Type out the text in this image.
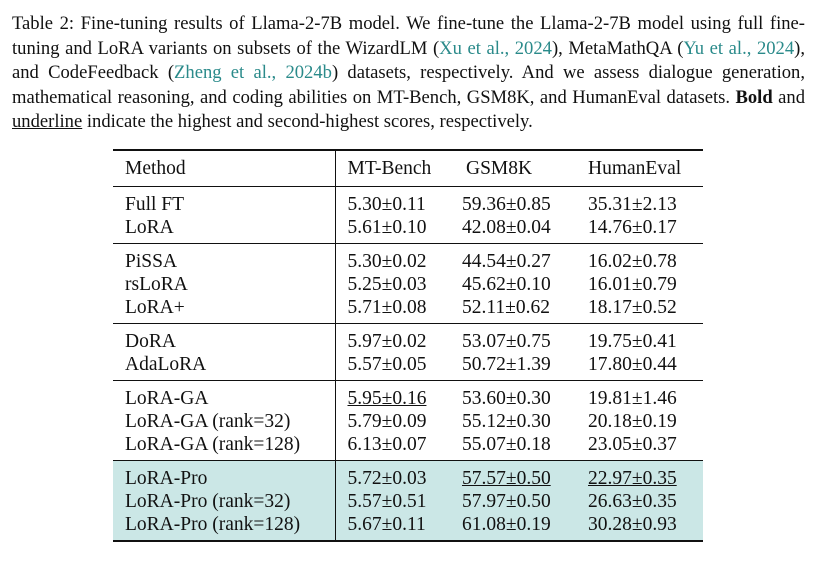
Table 2: Fine-tuning results of Llama-2-7B model. We fine-tune the Llama-2-7B model using full fine-tuning and LoRA variants on subsets of the WizardLM (Xu et al., 2024), MetaMathQA (Yu et al., 2024), and CodeFeedback (Zheng et al., 2024b) datasets, respectively. And we assess dialogue generation, mathematical reasoning, and coding abilities on MT-Bench, GSM8K, and HumanEval datasets. Bold and underline indicate the highest and second-highest scores, respectively.
Method	MT-Bench	GSM8K	HumanEval
Full FT	5.30±0.11	59.36±0.85	35.31±2.13
LoRA	5.61±0.10	42.08±0.04	14.76±0.17
PiSSA	5.30±0.02	44.54±0.27	16.02±0.78
rsLoRA	5.25±0.03	45.62±0.10	16.01±0.79
LoRA+	5.71±0.08	52.11±0.62	18.17±0.52
DoRA	5.97±0.02	53.07±0.75	19.75±0.41
AdaLoRA	5.57±0.05	50.72±1.39	17.80±0.44
LoRA-GA	5.95±0.16	53.60±0.30	19.81±1.46
LoRA-GA (rank=32)	5.79±0.09	55.12±0.30	20.18±0.19
LoRA-GA (rank=128)	6.13±0.07	55.07±0.18	23.05±0.37
LoRA-Pro	5.72±0.03	57.57±0.50	22.97±0.35
LoRA-Pro (rank=32)	5.57±0.51	57.97±0.50	26.63±0.35
LoRA-Pro (rank=128)	5.67±0.11	61.08±0.19	30.28±0.93
